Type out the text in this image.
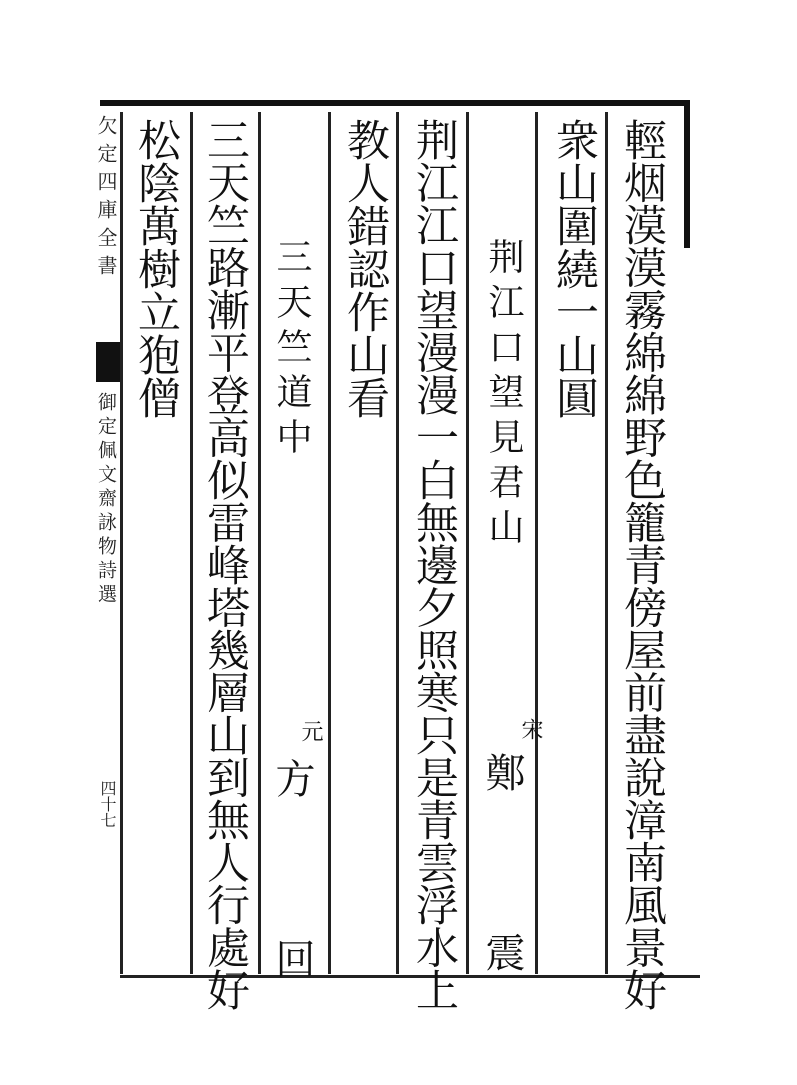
輕烟漠漠霧綿綿野色籠青傍屋前盡說漳南風景好
衆山圍繞一山圓
荆江口望見君山
宋
鄭　震
荆江江口望漫漫一白無邊夕照寒只是青雲浮水上
教人錯認作山看
三天竺道中
元
方　回
三天竺路漸平登高似雷峰塔幾層山到無人行處好
松陰萬樹立狍僧
欠定四庫全書
御定佩文齋詠物詩選
四十七
